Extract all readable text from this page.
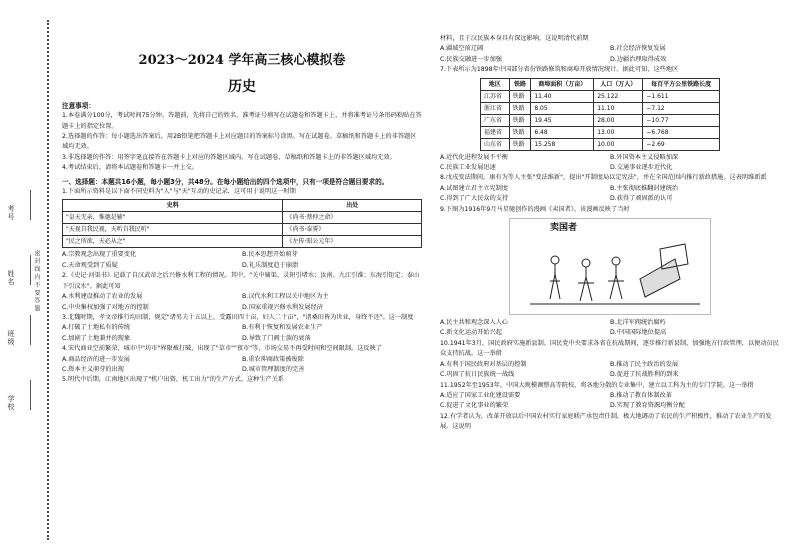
考号
姓名
班级
学校
密 封 线 内 不 要 答 题
2023～2024 学年高三核心模拟卷
历史
注意事项：

1.本卷满分100分，考试时间75分钟。答题前，先将自己的姓名、准考证号填写在试题卷和答题卡上，并将准考证号条形码粘贴在答题卡上的指定位置。

2.选择题的作答：每小题选出答案后，用2B铅笔把答题卡上对应题目的答案标号涂黑。写在试题卷、草稿纸和答题卡上的非答题区域均无效。

3.非选择题的作答：用签字笔直接答在答题卡上对应的答题区域内。写在试题卷、草稿纸和答题卡上的非答题区域均无效。

4.考试结束后，请将本试题卷和答题卡一并上交。

一、选择题：本题共16小题，每小题3分，共48分。在每小题给出的四个选项中，只有一项是符合题目要求的。

1.下面所示资料是以下面不同史料为"人"与"天"互动的史记录，这可用于说明这一时期

史料	出处
"皇天无亲，惟德是辅"	《尚书·蔡仲之命》
"天视自我民视，天听自我民听"	《尚书·泰誓》
"民之所欲，天必从之"	《左传·昭公元年》
A.宗教观念出现了重要变化	B.民本思想开始萌芽
C.天命观受到了质疑	D.礼乐制度趋于崩溃

2.《史记·河渠书》记载了自汉武帝之后兴修水利工程的情况。其中，"关中辅渠、灵轵引堵水；汝南、九江引淮；东海引钜定；泰山下引汶水"。据此可知

A.水利建设推动了农业的发展	B.汉代水利工程以关中地区为主
C.中央集权加强了对地方的控制	D.国家重视兴修水利发展经济

3.北魏时期，孝文帝推行均田制，规定"诸男夫十五以上，受露田四十亩，妇人二十亩"，"诸桑田皆为世业，身终不还"。这一制度

A.打破了土地私有的传统	B.有利于恢复和发展农业生产
C.加剧了土地兼并的现象	D.导致了门阀士族的衰落

4.宋代商业空前繁荣，城市中"坊市"界限被打破，出现了"草市""夜市"等，市场交易不再受时间和空间限制。这反映了

A.商品经济的进一步发展	B.重农抑商政策被废除
C.资本主义萌芽的出现	D.城市管理制度的完善

5.明代中后期，江南地区出现了"机户出资，机工出力"的生产方式。这种生产关系

材料，且于汉民族本身具有深远影响，这说明清代前期

A.疆域空前辽阔	B.社会经济恢复发展
C.民族交融进一步加强	D.边疆治理取得成效

7.下表所示为1898年中国部分省份铁路修筑和商埠开放情况统计。据此可知，这些地区

地区	铁路	商埠面积（万亩）	人口（万人）	每百平方公里铁路长度
江苏省	铁路	11.40	25.122	−1.611
浙江省	铁路	8.05	11.10	−7.12
广东省	铁路	19.45	28.00	−10.77
福建省	铁路	6.48	13.00	−6.768
山东省	铁路	15.258	10.00	−2.69
A.近代化进程发展不平衡	B.外国资本主义侵略加深
C.民族工业发展迅速	D.交通事业逐步近代化

8.戊戌变法期间，康有为等人主张"变法维新"，提出"开制度局以定宪法"，并在全国范围内推行新政措施。这表明维新派

A.试图建立君主立宪制度	B.主张彻底推翻封建统治
C.得到了广大民众的支持	D.获得了顽固派的认可

9.下图为1916年9月马星驰创作的漫画《卖国者》。该漫画反映了当时

卖国者
A.民主共和观念深入人心	B.北洋军阀统治腐朽
C.新文化运动开始兴起	D.中国国际地位提高

10.1941年3月，国民政府实施新县制。国民党中央要求各省在抗战期间，逐步推行新县制，加强地方行政管理，以便动员民众支持抗战。这一举措

A.有利于国民政府对基层的控制	B.推动了民主政治的发展
C.巩固了抗日民族统一战线	D.促进了抗战胜利的到来

11.1952年至1953年，中国大规模调整高等院校，将各地分散的专业集中，建立以工科为主的专门学院。这一举措

A.适应了国家工业化建设需要	B.推动了教育体制改革
C.促进了文化事业的繁荣	D.实现了教育资源均衡分配

12.有学者认为，改革开放以后中国农村实行家庭联产承包责任制，极大地调动了农民的生产积极性，推动了农业生产的发展。这说明
